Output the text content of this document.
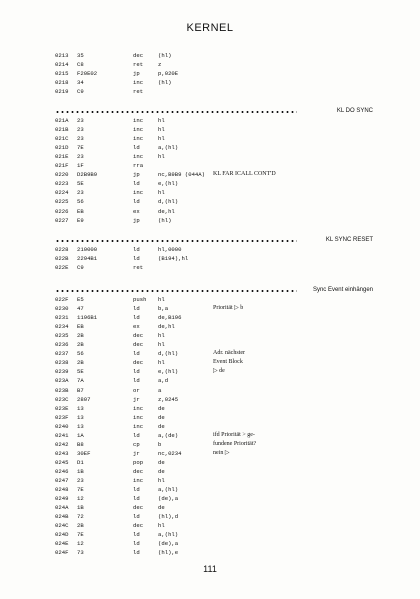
KERNEL
0213 35	dec	(hl)
0214 C8	ret	z
0215 F20E02	jp	p,020E
0218 34	inc	(hl)
0219 C9	ret
KL DO SYNC
021A 23	inc	hl
021B 23	inc	hl
021C 23	inc	hl
021D 7E	ld	a,(hl)
021E 23	inc	hl
021F 1F	rra
0220 D2B9B9	jp	nc,B9B9 (044A) KL FAR ICALL CONT'D
0223 5E	ld	e,(hl)
0224 23	inc	hl
0225 56	ld	d,(hl)
0226 EB	ex	de,hl
0227 E9	jp	(hl)
KL SYNC RESET
0228 210000	ld	hl,0000
022B 2294B1	ld	(B194),hl
022E C9	ret
Sync Event einhängen
022F E5	push hl
0230 47	ld	b,a	Priorität ▷ b
0231 1196B1	ld	de,B196
0234 EB	ex	de,hl
0235 2B	dec	hl
0236 2B	dec	hl
0237 56	ld	d,(hl)	Adr. nächster
0238 2B	dec	hl	Event Block
0239 5E	ld	e,(hl)	▷ de
023A 7A	ld	a,d
023B B7	or	a
023C 2807	jr	z,0245
023E 13	inc	de
023F 13	inc	de
0240 13	inc	de
0241 1A	ld	a,(de)	ifd Priorität > ge-
0242 B8	cp	b	fundene Priorität?
0243 30EF	jr	nc,0234	nein ▷
0245 D1	pop	de
0246 1B	dec	de
0247 23	inc	hl
0248 7E	ld	a,(hl)
0249 12	ld	(de),a
024A 1B	dec	de
024B 72	ld	(hl),d
024C 2B	dec	hl
024D 7E	ld	a,(hl)
024E 12	ld	(de),a
024F 73	ld	(hl),e
111
